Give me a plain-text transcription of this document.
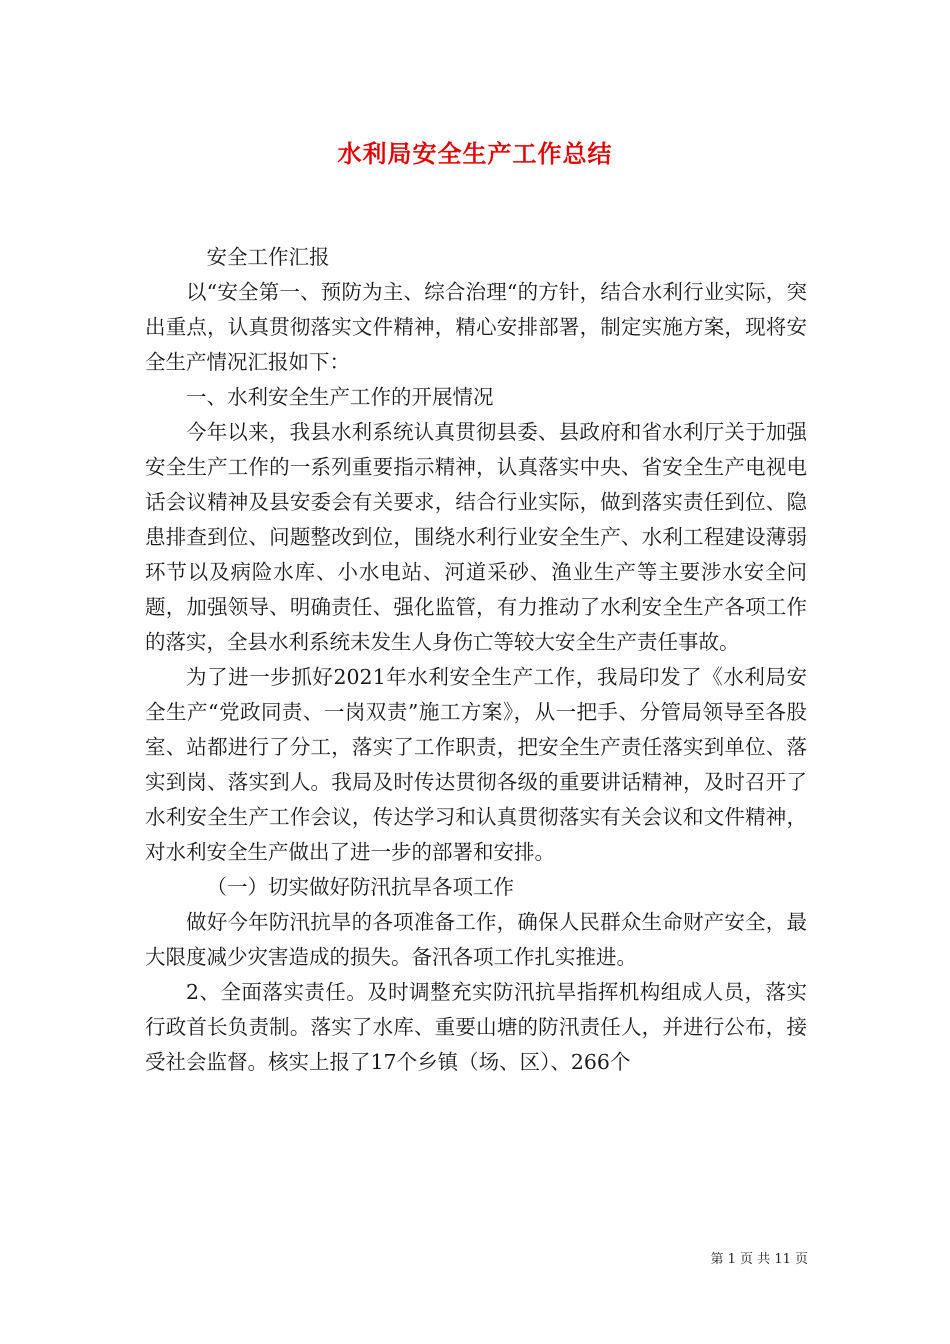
水利局安全生产工作总结

安全工作汇报

以“安全第一、预防为主、综合治理“的方针，结合水利行业实际，突出重点，认真贯彻落实文件精神，精心安排部署，制定实施方案，现将安全生产情况汇报如下：

一、水利安全生产工作的开展情况

今年以来，我县水利系统认真贯彻县委、县政府和省水利厅关于加强安全生产工作的一系列重要指示精神，认真落实中央、省安全生产电视电话会议精神及县安委会有关要求，结合行业实际，做到落实责任到位、隐患排查到位、问题整改到位，围绕水利行业安全生产、水利工程建设薄弱环节以及病险水库、小水电站、河道采砂、渔业生产等主要涉水安全问题，加强领导、明确责任、强化监管，有力推动了水利安全生产各项工作的落实，全县水利系统未发生人身伤亡等较大安全生产责任事故。

为了进一步抓好2021年水利安全生产工作，我局印发了《水利局安全生产“党政同责、一岗双责”施工方案》，从一把手、分管局领导至各股室、站都进行了分工，落实了工作职责，把安全生产责任落实到单位、落实到岗、落实到人。我局及时传达贯彻各级的重要讲话精神，及时召开了水利安全生产工作会议，传达学习和认真贯彻落实有关会议和文件精神，对水利安全生产做出了进一步的部署和安排。

（一）切实做好防汛抗旱各项工作

做好今年防汛抗旱的各项准备工作，确保人民群众生命财产安全，最大限度减少灾害造成的损失。备汛各项工作扎实推进。

2、全面落实责任。及时调整充实防汛抗旱指挥机构组成人员，落实行政首长负责制。落实了水库、重要山塘的防汛责任人，并进行公布，接受社会监督。核实上报了17个乡镇（场、区）、266个

第 1 页 共 11 页
